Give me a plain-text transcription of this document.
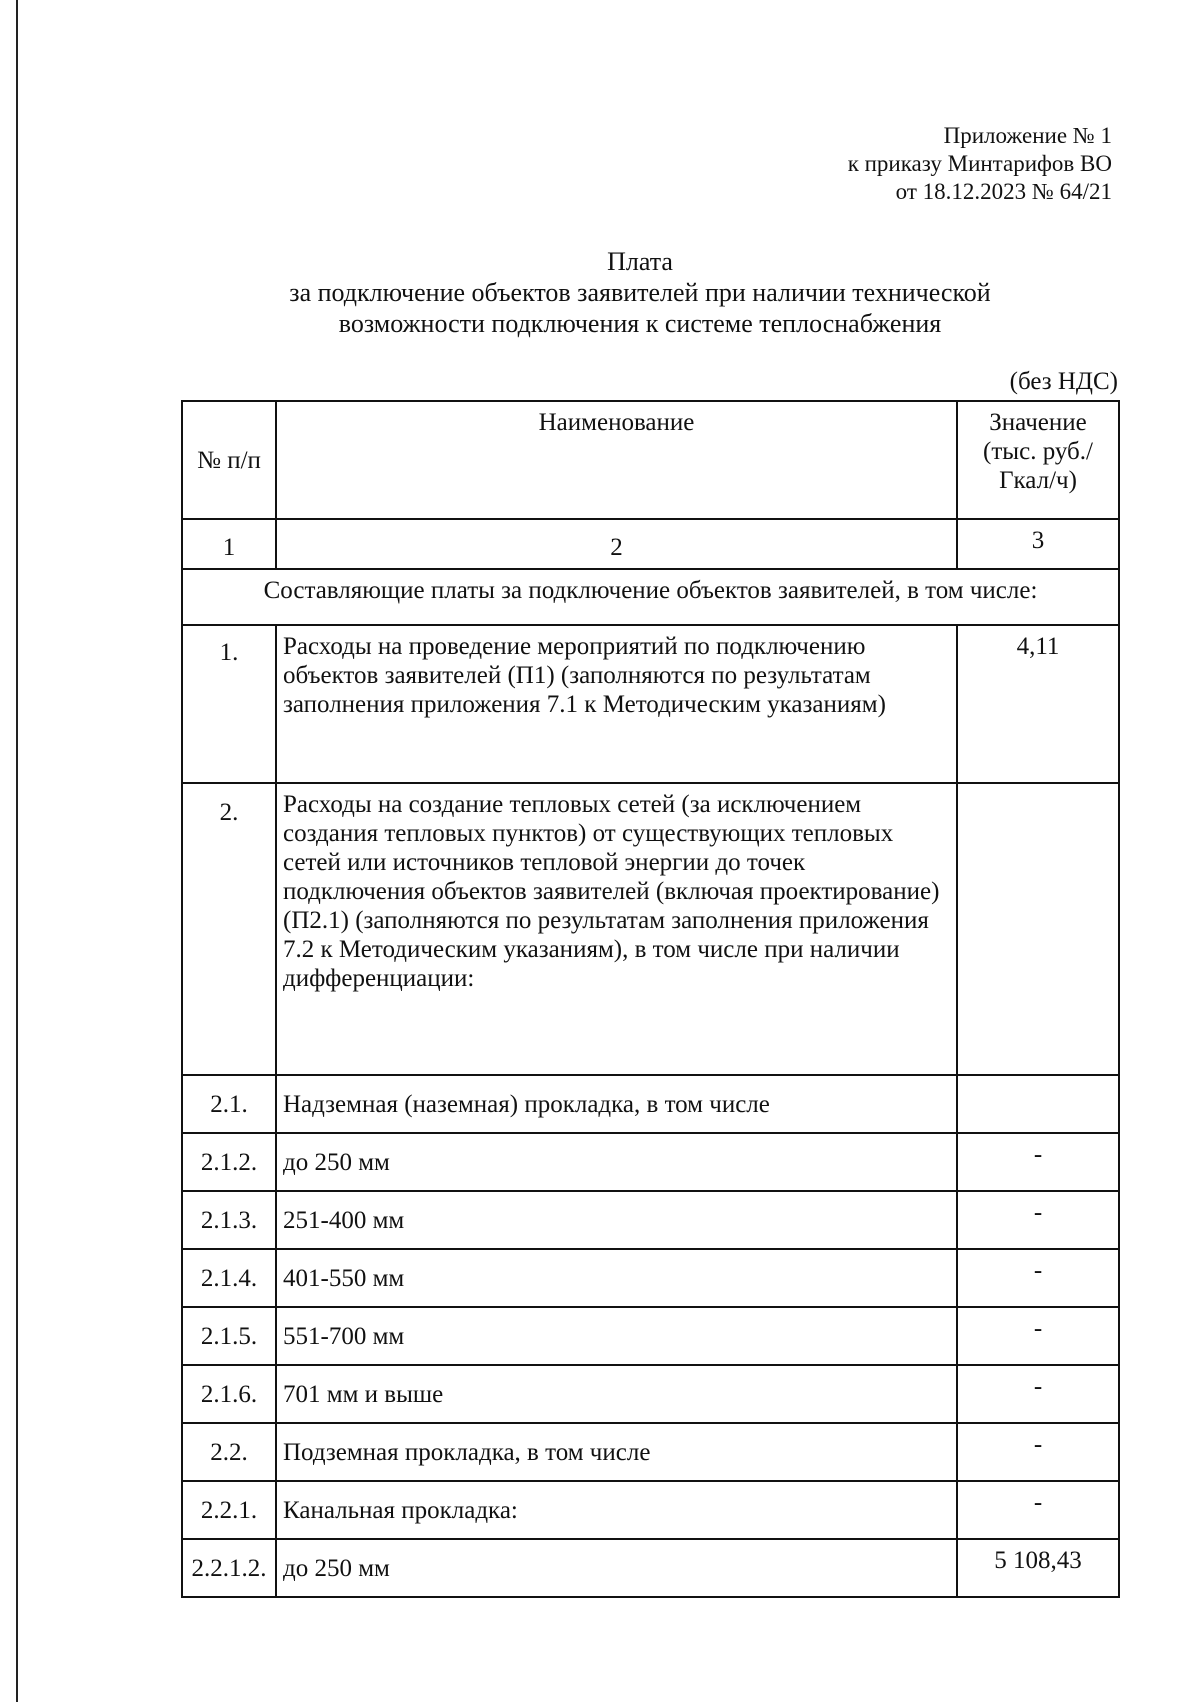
Приложение № 1
к приказу Минтарифов ВО
от 18.12.2023 № 64/21
Плата
за подключение объектов заявителей при наличии технической
возможности подключения к системе теплоснабжения
(без НДС)
№ п/п	Наименование	Значение (тыс. руб./Гкал/ч)
1	2	3
Составляющие платы за подключение объектов заявителей, в том числе:		
1.	Расходы на проведение мероприятий по подключению объектов заявителей (П1) (заполняются по результатам заполнения приложения 7.1 к Методическим указаниям)	4,11
2.	Расходы на создание тепловых сетей (за исключением создания тепловых пунктов) от существующих тепловых сетей или источников тепловой энергии до точек подключения объектов заявителей (включая проектирование) (П2.1) (заполняются по результатам заполнения приложения 7.2 к Методическим указаниям), в том числе при наличии дифференциации:	
2.1.	Надземная (наземная) прокладка, в том числе	
2.1.2.	до 250 мм	-
2.1.3.	251-400 мм	-
2.1.4.	401-550 мм	-
2.1.5.	551-700 мм	-
2.1.6.	701 мм и выше	-
2.2.	Подземная прокладка, в том числе	-
2.2.1.	Канальная прокладка:	-
2.2.1.2.	до 250 мм	5 108,43
